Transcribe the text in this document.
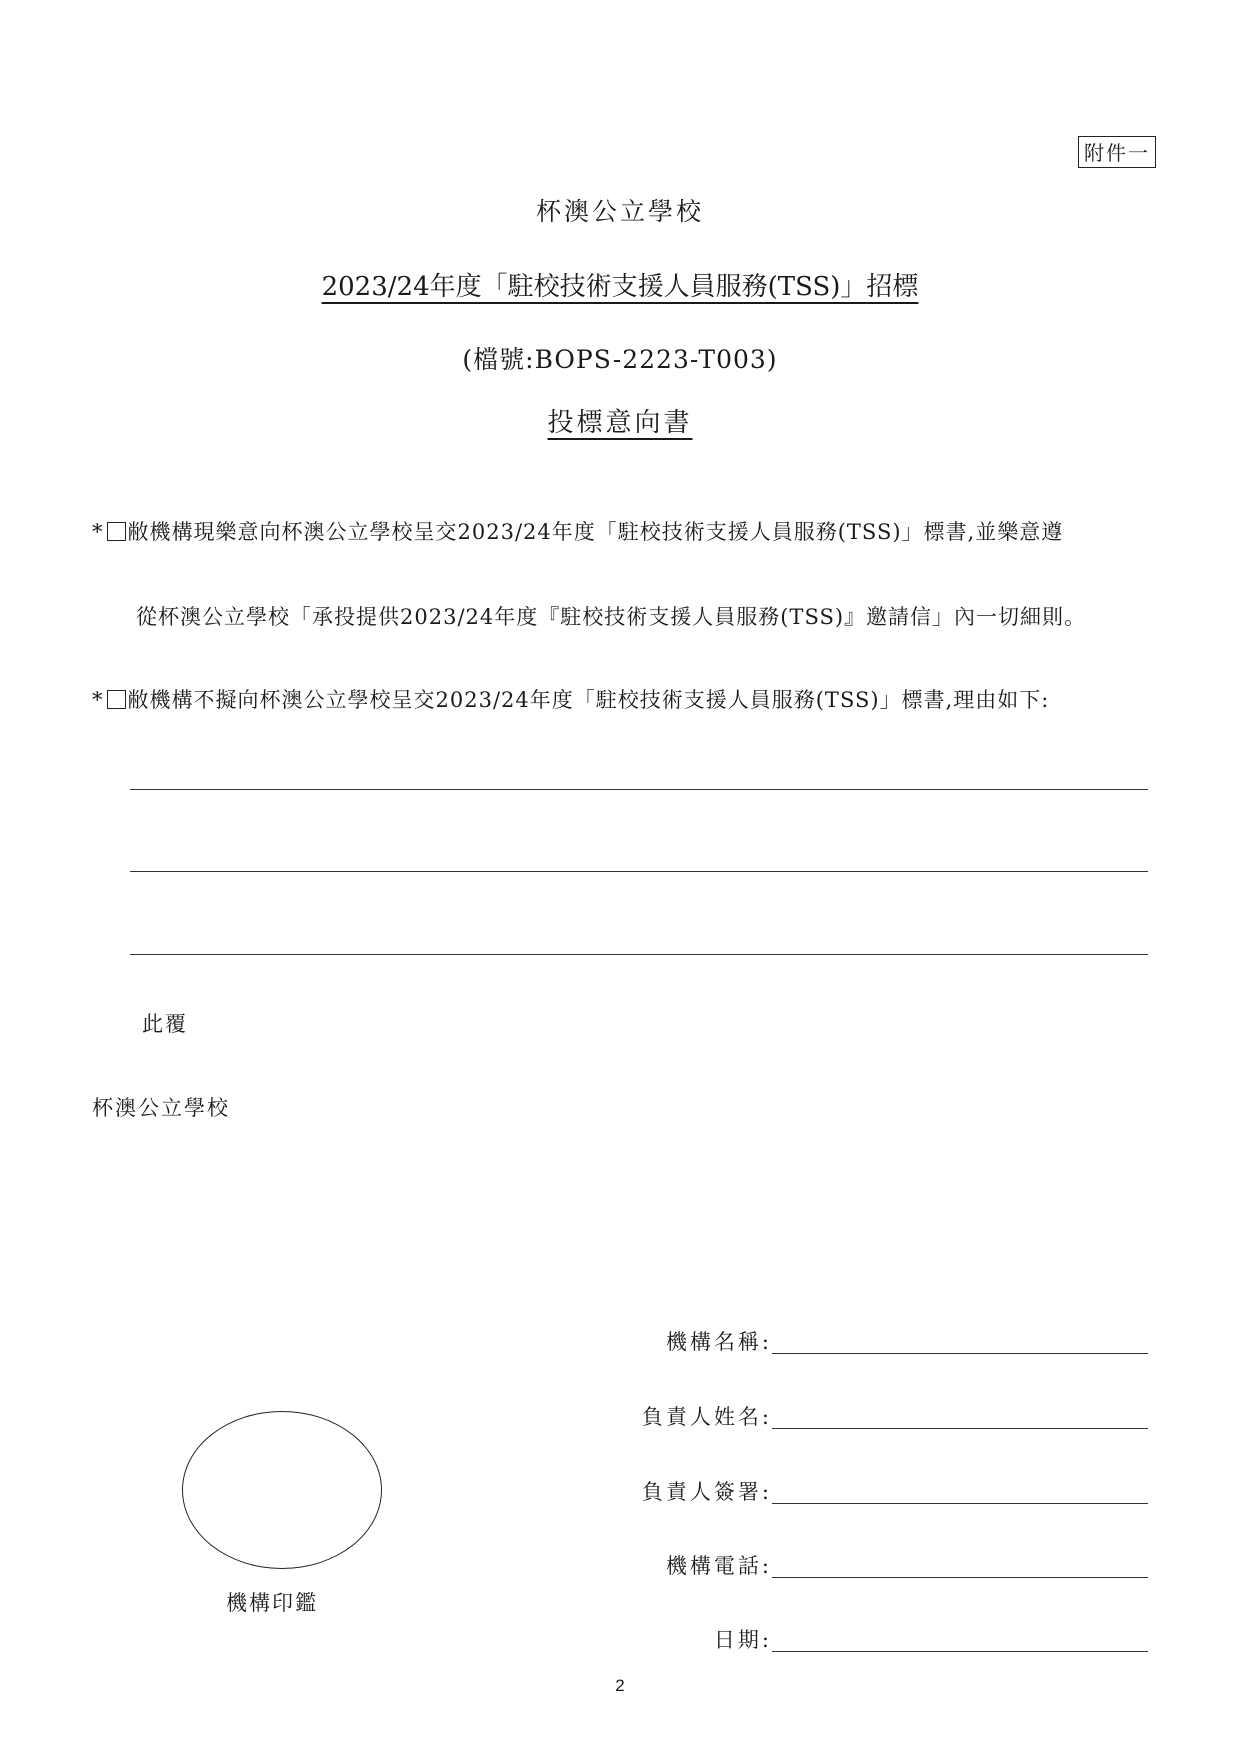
附件一
杯澳公立學校
2023/24年度「駐校技術支援人員服務(TSS)」招標
(檔號:BOPS-2223-T003)
投標意向書
* 敝機構現樂意向杯澳公立學校呈交2023/24年度「駐校技術支援人員服務(TSS)」標書,並樂意遵
從杯澳公立學校「承投提供2023/24年度『駐校技術支援人員服務(TSS)』邀請信」內一切細則。
* 敝機構不擬向杯澳公立學校呈交2023/24年度「駐校技術支援人員服務(TSS)」標書,理由如下:
此覆
杯澳公立學校
機構印鑑
機構名稱:
負責人姓名:
負責人簽署:
機構電話:
日期:
2
